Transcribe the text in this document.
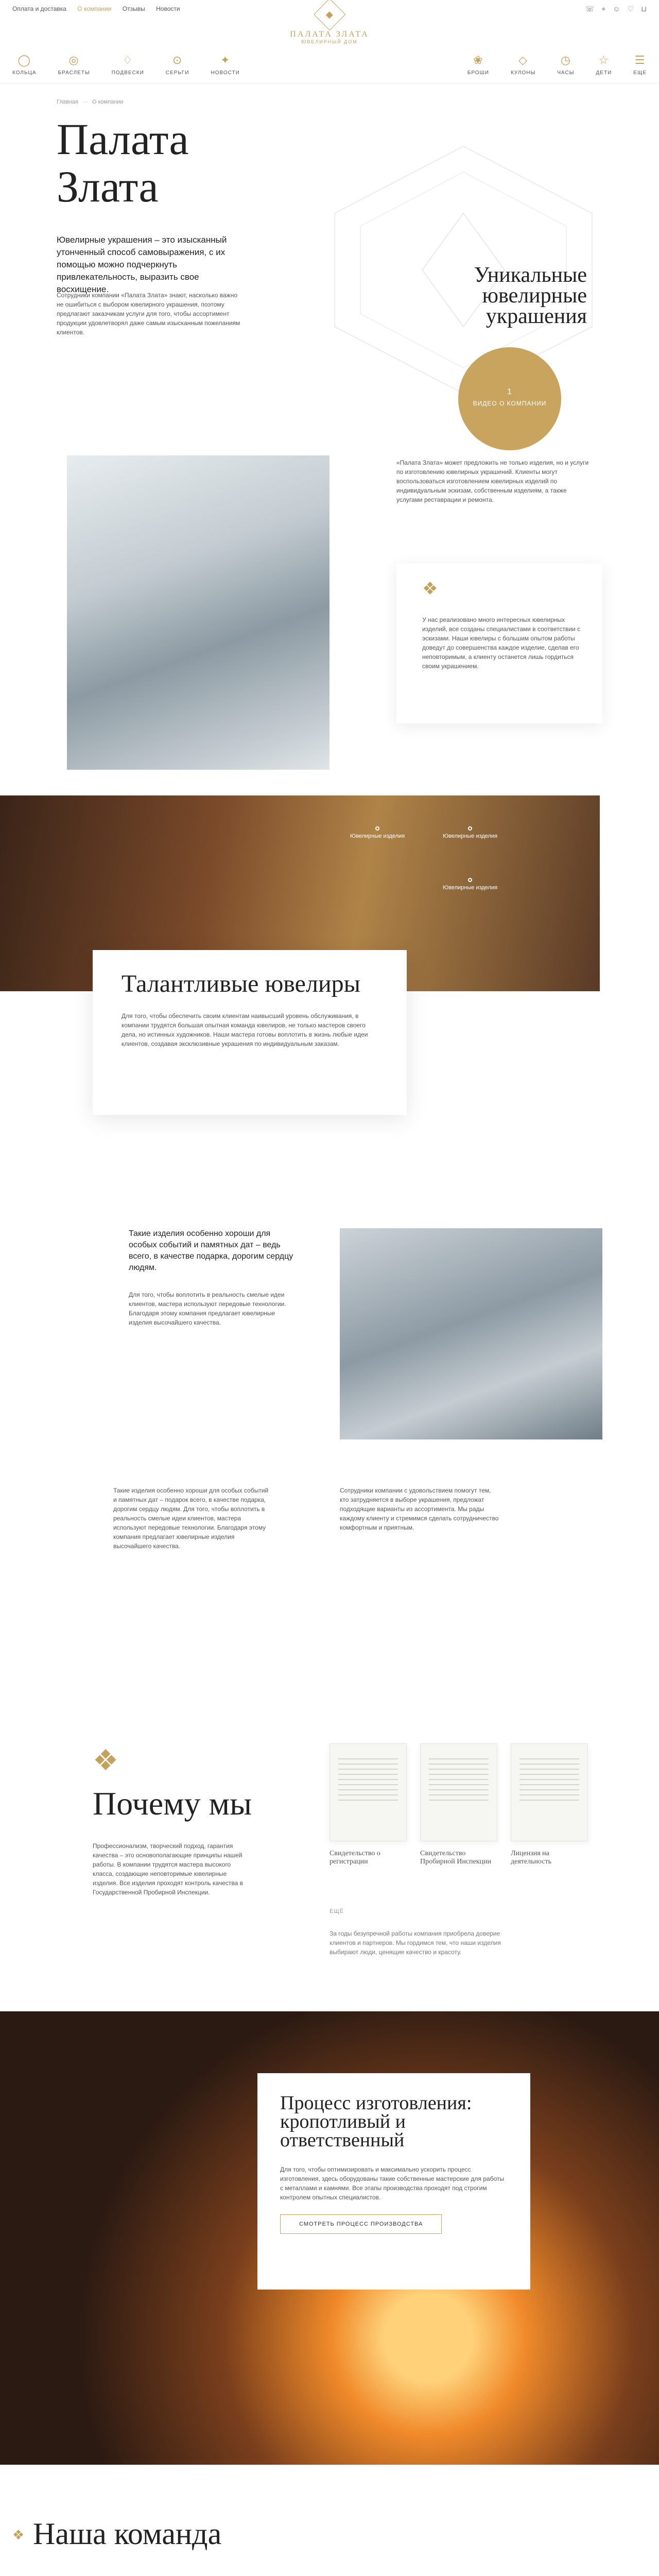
Оплата и доставка О компании Отзывы Новости
◆
ПАЛАТА ЗЛАТА
ЮВЕЛИРНЫЙ ДОМ
☏ ⌖ ☺ ♡ ⊔
◯
КОЛЬЦА
◎
БРАСЛЕТЫ
♢
ПОДВЕСКИ
⊙
СЕРЬГИ
✦
НОВОСТИ
❀
БРОШИ
◇
КУЛОНЫ
◷
ЧАСЫ
☆
ДЕТИ
☰
ЕЩЕ
Главная— О компании
Палата
Злата
Ювелирные украшения – это изысканный утонченный способ самовыражения, с их помощью можно подчеркнуть привлекательность, выразить свое восхищение.
Сотрудники компании «Палата Злата» знают, насколько важно не ошибиться с выбором ювелирного украшения, поэтому предлагают заказчикам услуги для того, чтобы ассортимент продукции удовлетворял даже самым изысканным пожеланиям клиентов.
Уникальные ювелирные украшения
1
ВИДЕО О КОМПАНИИ
«Палата Злата» может предложить не только изделия, но и услуги по изготовлению ювелирных украшений. Клиенты могут воспользоваться изготовлением ювелирных изделий по индивидуальным эскизам, собственным изделиям, а также услугами реставрации и ремонта.
❖
У нас реализовано много интересных ювелирных изделий, все созданы специалистами в соответствии с эскизами. Наши ювелиры с большим опытом работы доведут до совершенства каждое изделие, сделав его неповторимым, а клиенту останется лишь гордиться своим украшением.
Ювелирные изделия	Ювелирные изделия
Ювелирные изделия
Талантливые ювелиры

Для того, чтобы обеспечить своим клиентам наивысший уровень обслуживания, в компании трудятся большая опытная команда ювелиров, не только мастеров своего дела, но истинных художников. Наши мастера готовы воплотить в жизнь любые идеи клиентов, создавая эксклюзивные украшения по индивидуальным заказам.

Такие изделия особенно хороши для особых событий и памятных дат – ведь всего, в качестве подарка, дорогим сердцу людям.
Для того, чтобы воплотить в реальность смелые идеи клиентов, мастера используют передовые технологии. Благодаря этому компания предлагает ювелирные изделия высочайшего качества.
Такие изделия особенно хороши для особых событий и памятных дат – подарок всего, в качестве подарка, дорогим сердцу людям. Для того, чтобы воплотить в реальность смелые идеи клиентов, мастера используют передовые технологии. Благодаря этому компания предлагает ювелирные изделия высочайшего качества.
Сотрудники компании с удовольствием помогут тем, кто затрудняется в выборе украшения, предложат подходящие варианты из ассортимента. Мы рады каждому клиенту и стремимся сделать сотрудничество комфортным и приятным.
❖
Почему мы
Профессионализм, творческий подход, гарантия качества – это основополагающие принципы нашей работы. В компании трудятся мастера высокого класса, создающие неповторимые ювелирные изделия. Все изделия проходят контроль качества в Государственной Пробирной Инспекции.
Свидетельство о регистрации
Свидетельство Пробирной Инспекции
Лицензия на деятельность
ЕЩЁ
За годы безупречной работы компания приобрела доверие клиентов и партнеров. Мы гордимся тем, что наши изделия выбирают люди, ценящие качество и красоту.
Процесс изготовления: кропотливый и ответственный

Для того, чтобы оптимизировать и максимально ускорить процесс изготовления, здесь оборудованы такие собственные мастерские для работы с металлами и камнями. Все этапы производства проходят под строгим контролем опытных специалистов.

СМОТРЕТЬ ПРОЦЕСС ПРОИЗВОДСТВА
❖ Наша команда
